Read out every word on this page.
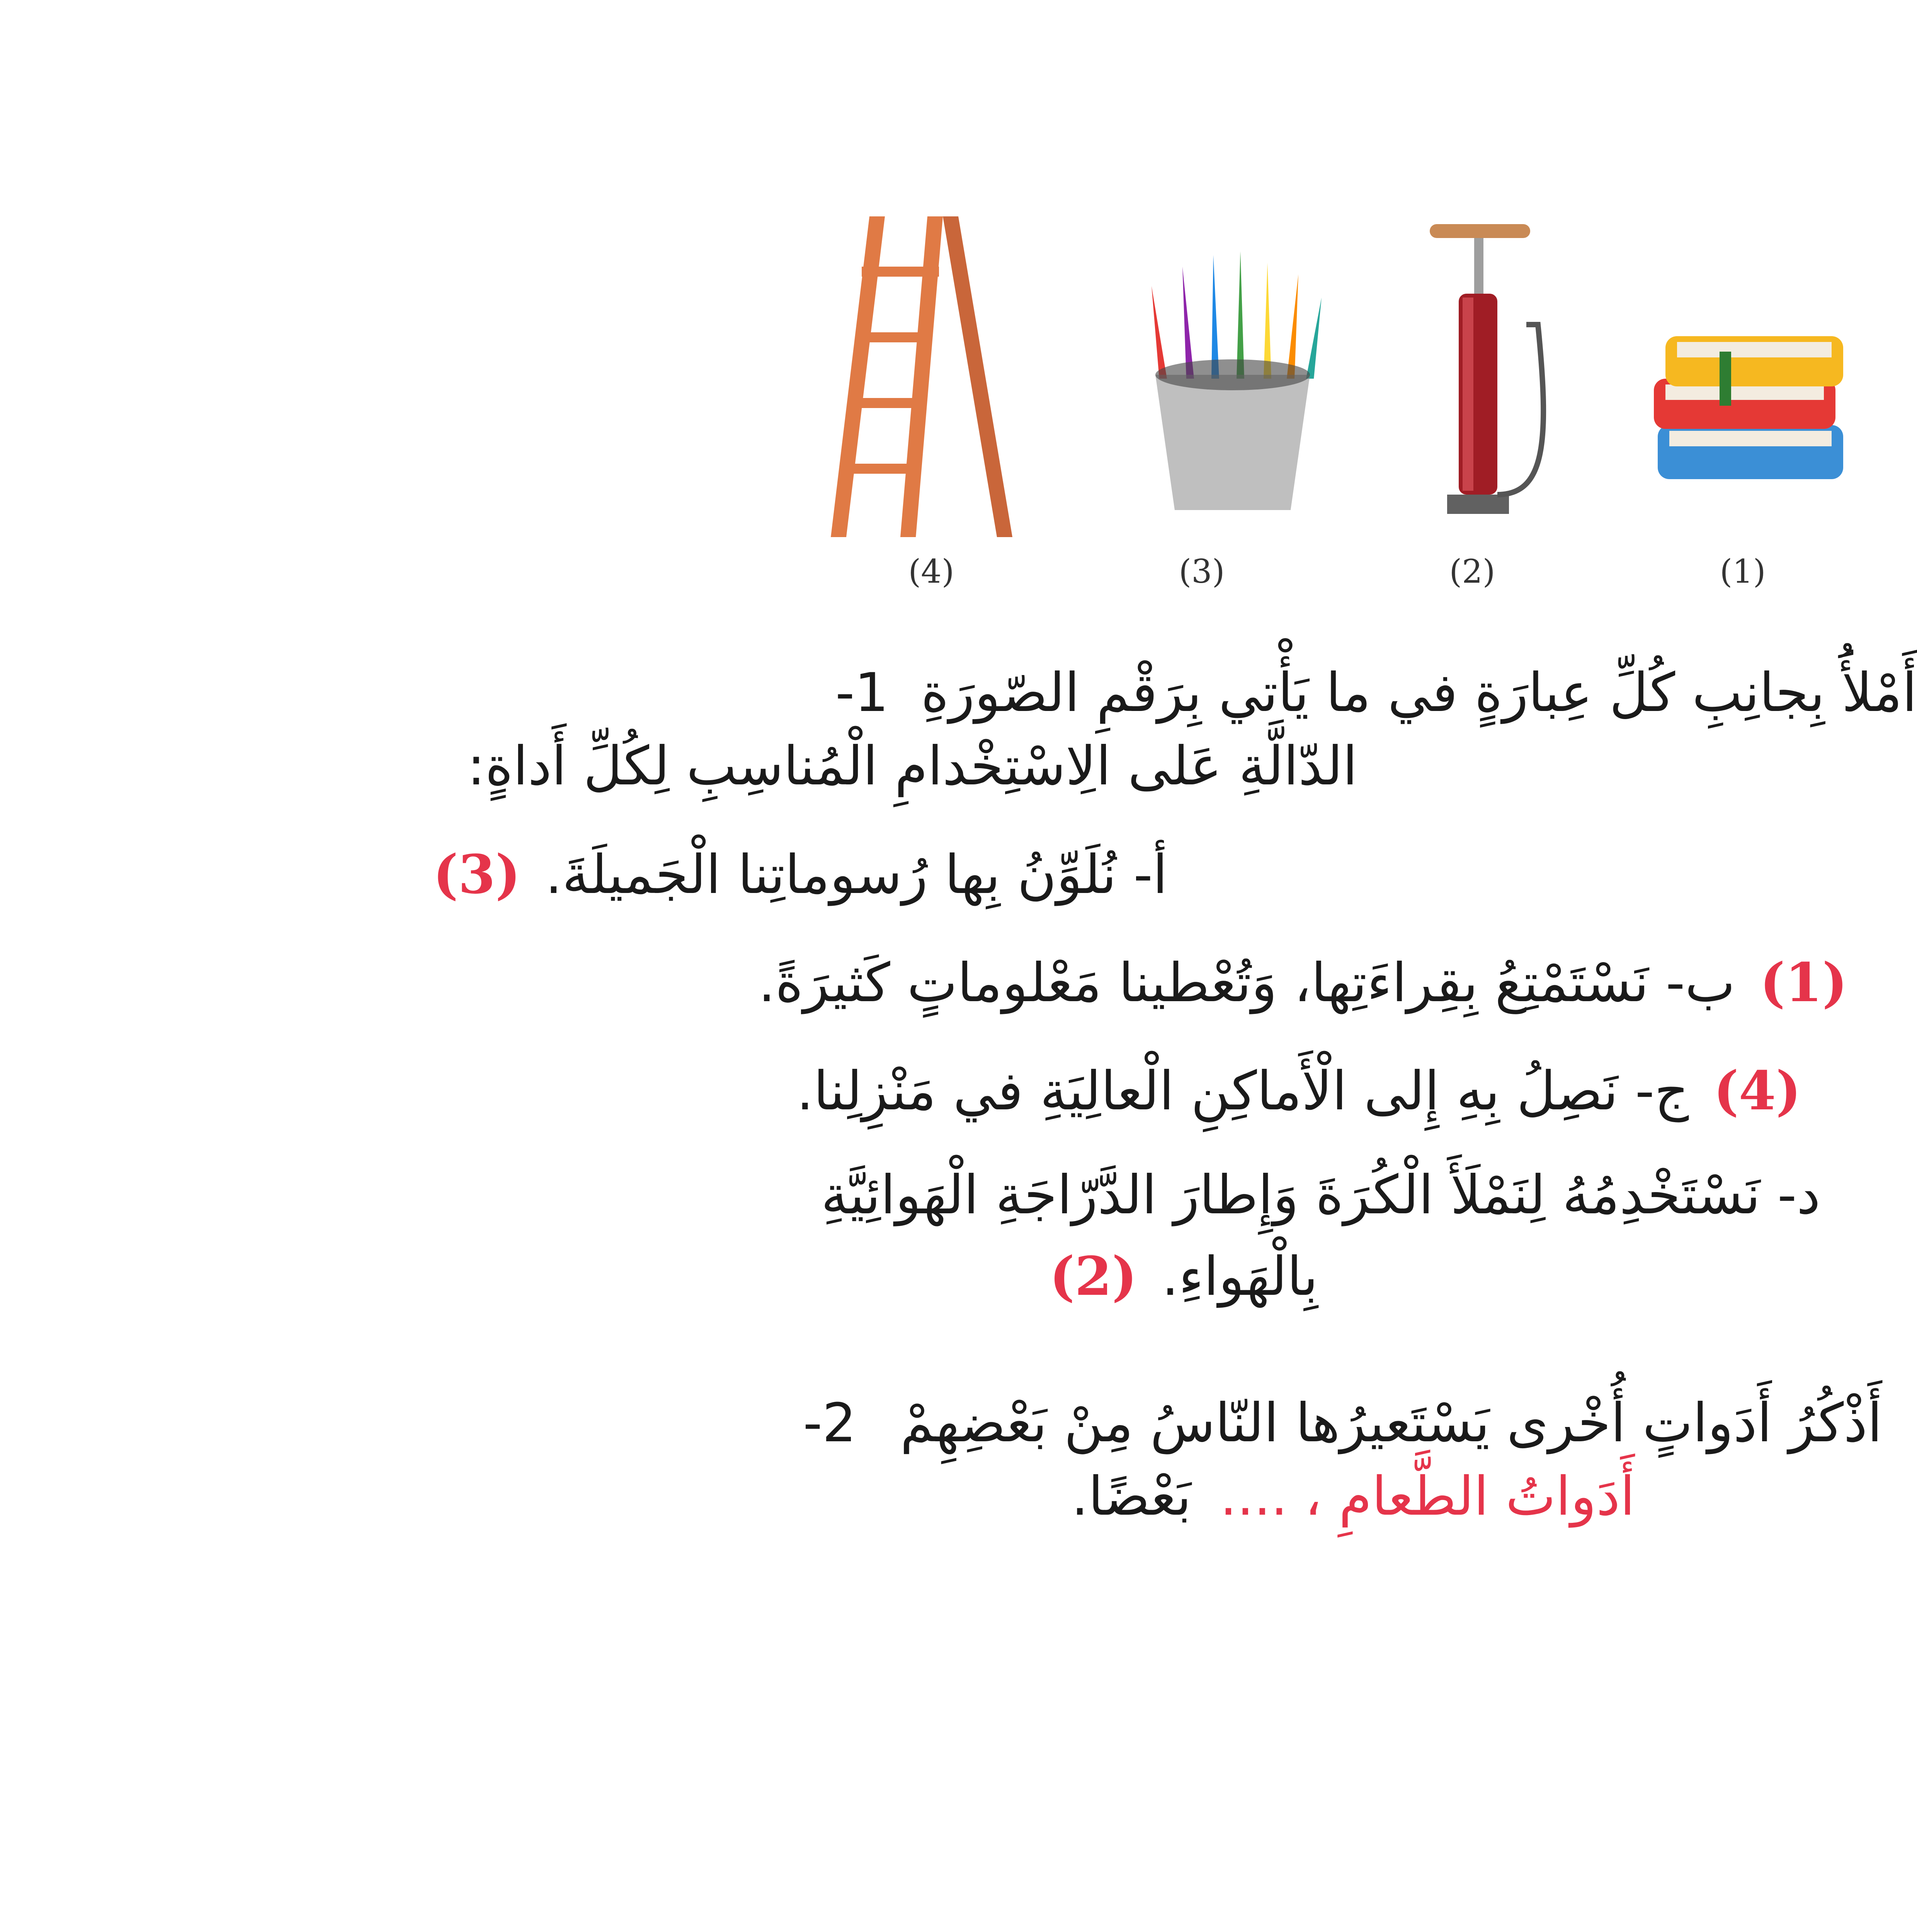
(1)
(2)
(3)
(4)
أَمْلأَُ بِجانِبِ كُلِّ عِبارَةٍ في ما يَأْتي بِرَقْمِ الصّورَةِ 1-
الدّالَّةِ عَلى الِاسْتِخْدامِ الْمُناسِبِ لِكُلِّ أَداةٍ:
أ- نُلَوِّنُ بِها رُسوماتِنا الْجَميلَةَ. (3)
(1) ب- نَسْتَمْتِعُ بِقِراءَتِها، وَتُعْطينا مَعْلوماتٍ كَثيرَةً.
(4) ج- نَصِلُ بِهِ إِلى الْأَماكِنِ الْعالِيَةِ في مَنْزِلِنا.
د- نَسْتَخْدِمُهُ لِنَمْلَأَ الْكُرَةَ وَإِطارَ الدَّرّاجَةِ الْهَوائِيَّةِ
بِالْهَواءِ. (2)
أَذْكُرُ أَدَواتٍ أُخْرى يَسْتَعيرُها النّاسُ مِنْ بَعْضِهِمْ 2-
أَدَواتُ الطَّعامِ ، .... بَعْضًا.
